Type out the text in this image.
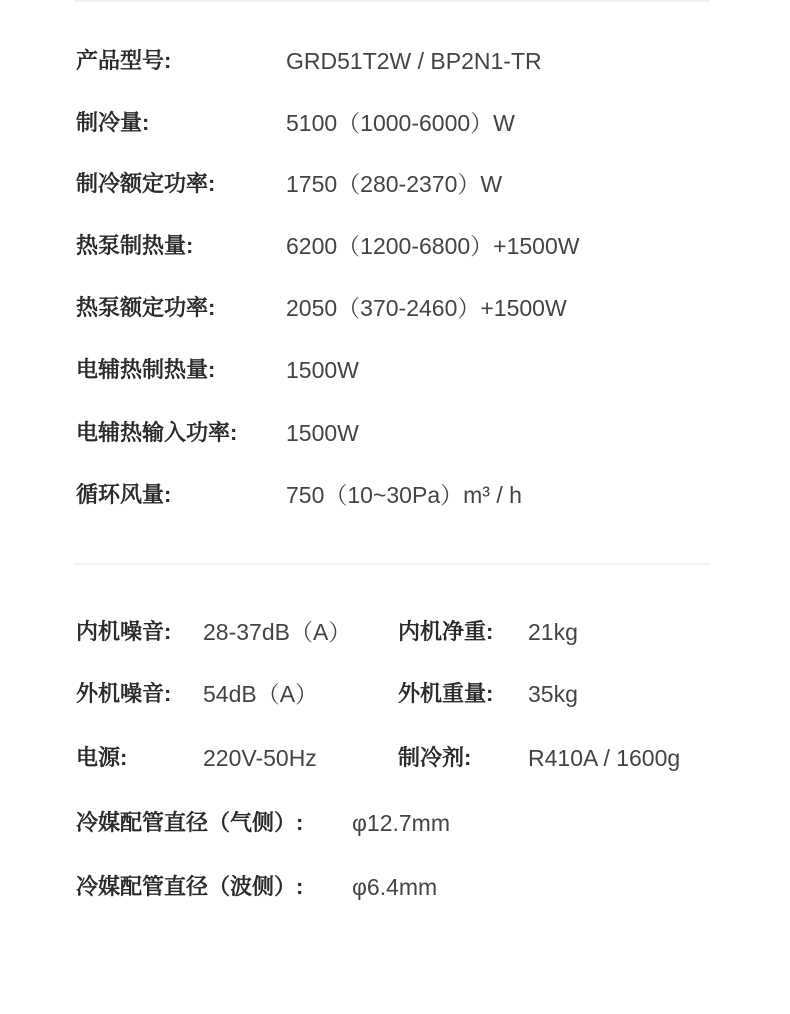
产品型号:	GRD51T2W / BP2N1-TR
制冷量:	5100（1000-6000）W
制冷额定功率:	1750（280-2370）W
热泵制热量:	6200（1200-6800）+1500W
热泵额定功率:	2050（370-2460）+1500W
电辅热制热量:	1500W
电辅热输入功率: 1500W
循环风量:	750（10~30Pa）m³ / h
内机噪音: 28-37dB（A） 内机净重: 21kg
外机噪音: 54dB（A）	外机重量: 35kg
电源:	220V-50Hz	制冷剂: R410A / 1600g
冷媒配管直径（气侧）: φ12.7mm
冷媒配管直径（波侧）: φ6.4mm
